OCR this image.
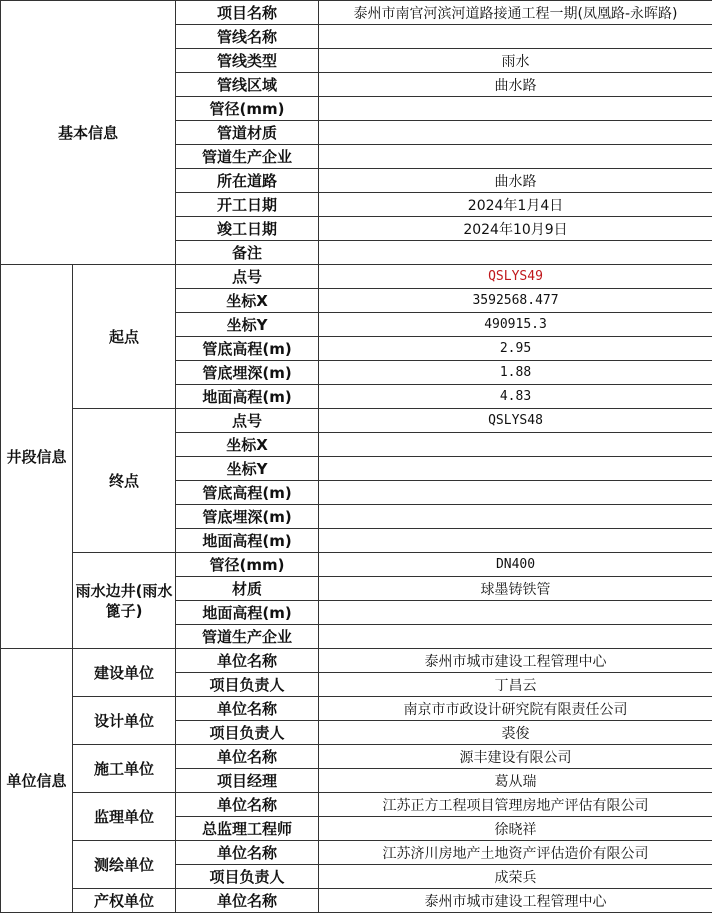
基本信息		项目名称	泰州市南官河滨河道路接通工程一期(凤凰路-永晖路)
		管线名称	
		管线类型	雨水
		管线区域	曲水路
		管径(mm)	
		管道材质	
		管道生产企业	
		所在道路	曲水路
		开工日期	2024年1月4日
		竣工日期	2024年10月9日
		备注	
井段信息	起点	点号	QSLYS49
		坐标X	3592568.477
		坐标Y	490915.3
		管底高程(m)	2.95
		管底埋深(m)	1.88
		地面高程(m)	4.83
	终点	点号	QSLYS48
		坐标X	
		坐标Y	
		管底高程(m)	
		管底埋深(m)	
		地面高程(m)	
	雨水边井(雨水篦子)	管径(mm)	DN400
		材质	球墨铸铁管
		地面高程(m)	
		管道生产企业	
单位信息	建设单位	单位名称	泰州市城市建设工程管理中心
		项目负责人	丁昌云
	设计单位	单位名称	南京市市政设计研究院有限责任公司
		项目负责人	裘俊
	施工单位	单位名称	源丰建设有限公司
		项目经理	葛从瑞
	监理单位	单位名称	江苏正方工程项目管理房地产评估有限公司
		总监理工程师	徐晓祥
	测绘单位	单位名称	江苏济川房地产土地资产评估造价有限公司
		项目负责人	成荣兵
	产权单位	单位名称	泰州市城市建设工程管理中心
